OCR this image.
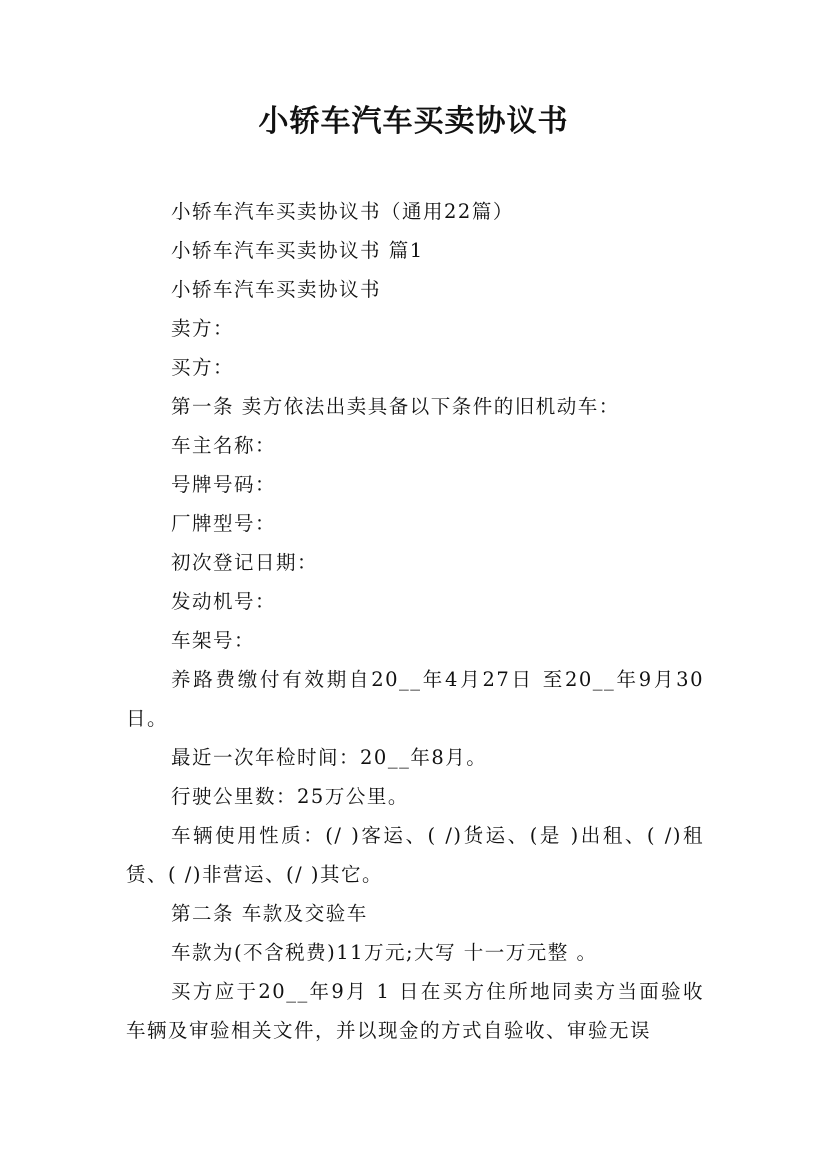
小轿车汽车买卖协议书

小轿车汽车买卖协议书（通用22篇）

小轿车汽车买卖协议书 篇1

小轿车汽车买卖协议书

卖方：

买方：

第一条 卖方依法出卖具备以下条件的旧机动车：

车主名称：

号牌号码：

厂牌型号：

初次登记日期：

发动机号：

车架号：

养路费缴付有效期自20__年4月27日 至20__年9月30日。

最近一次年检时间：20__年8月。

行驶公里数：25万公里。

车辆使用性质：(/ )客运、( /)货运、(是 )出租、( /)租赁、( /)非营运、(/ )其它。

第二条 车款及交验车

车款为(不含税费)11万元;大写 十一万元整 。

买方应于20__年9月 1 日在买方住所地同卖方当面验收车辆及审验相关文件，并以现金的方式自验收、审验无误
